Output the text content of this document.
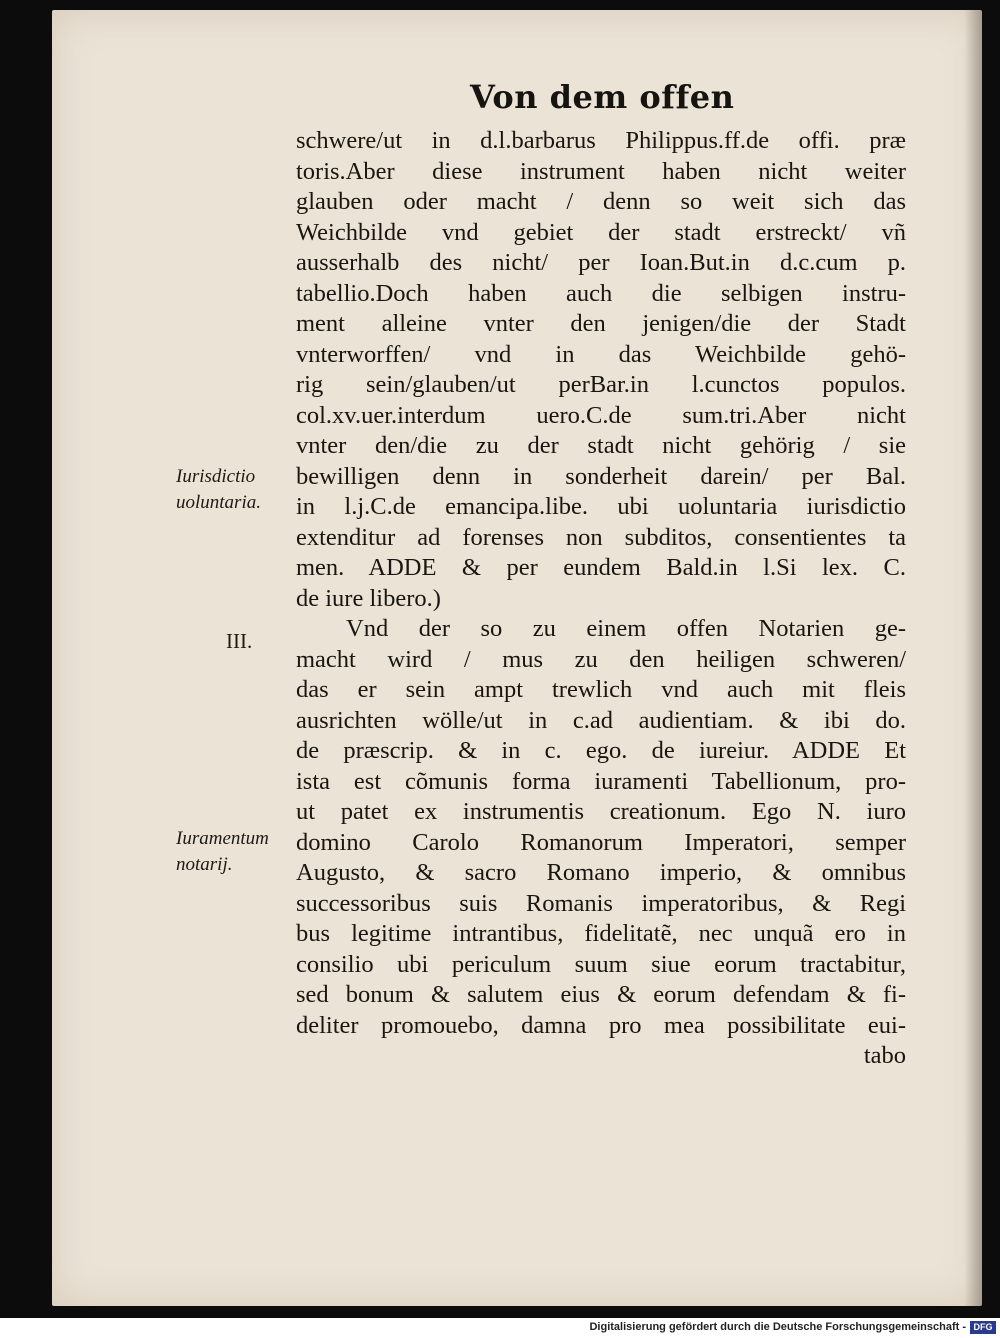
Von dem offen
Iurisdictio
uoluntaria.
III.
Iuramentum
notarij.
schwere/ut in d.l.barbarus Philippus.ff.de offi. præ
toris.Aber diese instrument haben nicht weiter
glauben oder macht / denn so weit sich das
Weichbilde vnd gebiet der stadt erstreckt/ vñ
ausserhalb des nicht/ per Ioan.But.in d.c.cum p.
tabellio.Doch haben auch die selbigen instru-
ment alleine vnter den jenigen/die der Stadt
vnterworffen/ vnd in das Weichbilde gehö-
rig sein/glauben/ut perBar.in l.cunctos populos.
col.xv.uer.interdum uero.C.de sum.tri.Aber nicht
vnter den/die zu der stadt nicht gehörig / sie
bewilligen denn in sonderheit darein/ per Bal.
in l.j.C.de emancipa.libe. ubi uoluntaria iurisdictio
extenditur ad forenses non subditos, consentientes ta
men. ADDE & per eundem Bald.in l.Si lex. C.
de iure libero.)
Vnd der so zu einem offen Notarien ge-
macht wird / mus zu den heiligen schweren/
das er sein ampt trewlich vnd auch mit fleis
ausrichten wölle/ut in c.ad audientiam. & ibi do.
de præscrip. & in c. ego. de iureiur. ADDE Et
ista est cõmunis forma iuramenti Tabellionum, pro-
ut patet ex instrumentis creationum. Ego N. iuro
domino Carolo Romanorum Imperatori, semper
Augusto, & sacro Romano imperio, & omnibus
successoribus suis Romanis imperatoribus, & Regi
bus legitime intrantibus, fidelitatẽ, nec unquã ero in
consilio ubi periculum suum siue eorum tractabitur,
sed bonum & salutem eius & eorum defendam & fi-
deliter promouebo, damna pro mea possibilitate eui-
tabo
Digitalisierung gefördert durch die Deutsche Forschungsgemeinschaft - DFG
